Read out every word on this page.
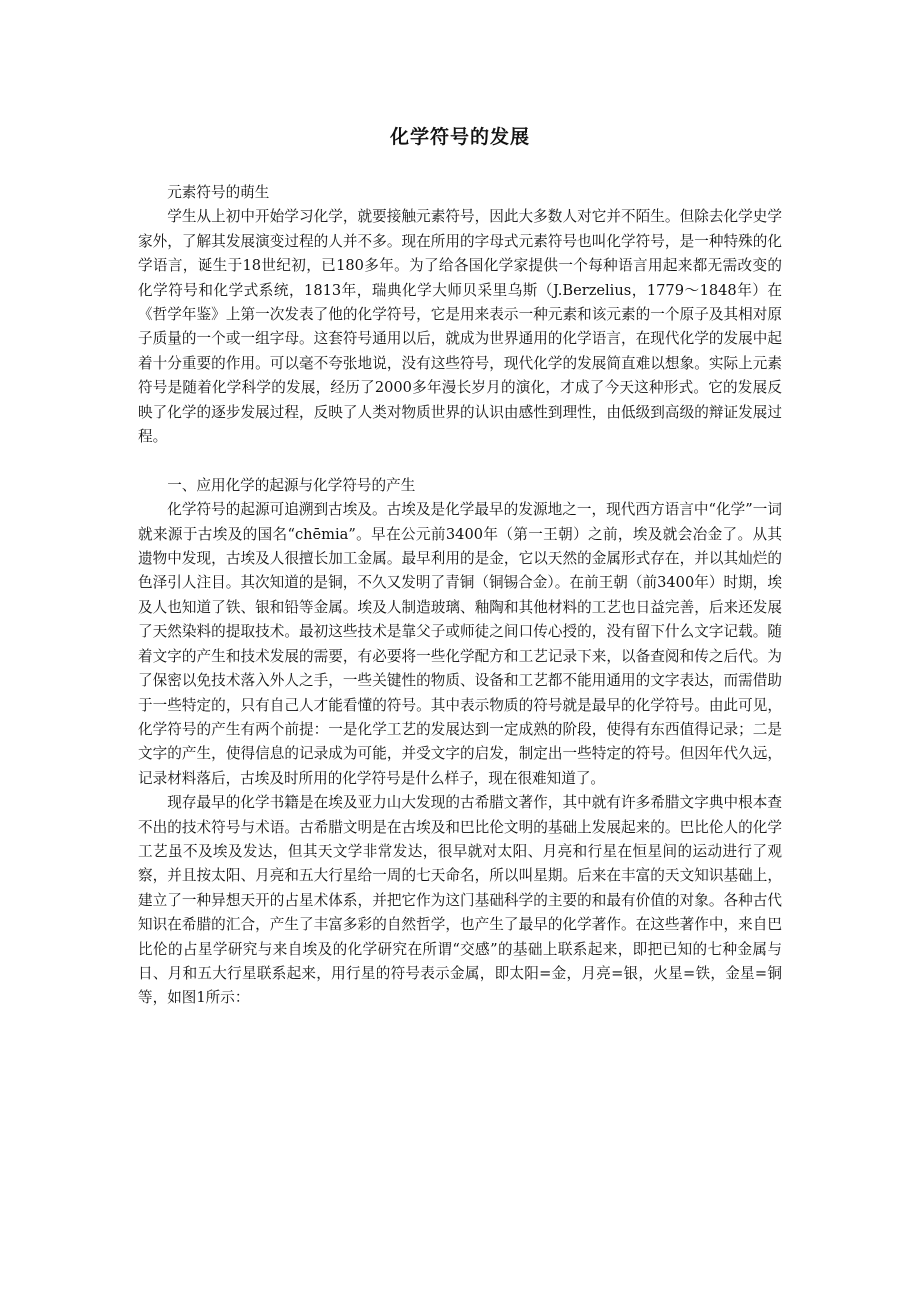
化学符号的发展

元素符号的萌生

学生从上初中开始学习化学，就要接触元素符号，因此大多数人对它并不陌生。但除去化学史学家外，了解其发展演变过程的人并不多。现在所用的字母式元素符号也叫化学符号，是一种特殊的化学语言，诞生于18世纪初，已180多年。为了给各国化学家提供一个每种语言用起来都无需改变的化学符号和化学式系统，1813年，瑞典化学大师贝采里乌斯（J.Berzelius，1779～1848年）在《哲学年鉴》上第一次发表了他的化学符号，它是用来表示一种元素和该元素的一个原子及其相对原子质量的一个或一组字母。这套符号通用以后，就成为世界通用的化学语言，在现代化学的发展中起着十分重要的作用。可以毫不夸张地说，没有这些符号，现代化学的发展简直难以想象。实际上元素符号是随着化学科学的发展，经历了2000多年漫长岁月的演化，才成了今天这种形式。它的发展反映了化学的逐步发展过程，反映了人类对物质世界的认识由感性到理性，由低级到高级的辩证发展过程。

一、应用化学的起源与化学符号的产生

化学符号的起源可追溯到古埃及。古埃及是化学最早的发源地之一，现代西方语言中“化学”一词就来源于古埃及的国名“chēmia”。早在公元前3400年（第一王朝）之前，埃及就会冶金了。从其遗物中发现，古埃及人很擅长加工金属。最早利用的是金，它以天然的金属形式存在，并以其灿烂的色泽引人注目。其次知道的是铜，不久又发明了青铜（铜锡合金）。在前王朝（前3400年）时期，埃及人也知道了铁、银和铅等金属。埃及人制造玻璃、釉陶和其他材料的工艺也日益完善，后来还发展了天然染料的提取技术。最初这些技术是靠父子或师徒之间口传心授的，没有留下什么文字记载。随着文字的产生和技术发展的需要，有必要将一些化学配方和工艺记录下来，以备查阅和传之后代。为了保密以免技术落入外人之手，一些关键性的物质、设备和工艺都不能用通用的文字表达，而需借助于一些特定的，只有自己人才能看懂的符号。其中表示物质的符号就是最早的化学符号。由此可见，化学符号的产生有两个前提：一是化学工艺的发展达到一定成熟的阶段，使得有东西值得记录；二是文字的产生，使得信息的记录成为可能，并受文字的启发，制定出一些特定的符号。但因年代久远，记录材料落后，古埃及时所用的化学符号是什么样子，现在很难知道了。

现存最早的化学书籍是在埃及亚力山大发现的古希腊文著作，其中就有许多希腊文字典中根本查不出的技术符号与术语。古希腊文明是在古埃及和巴比伦文明的基础上发展起来的。巴比伦人的化学工艺虽不及埃及发达，但其天文学非常发达，很早就对太阳、月亮和行星在恒星间的运动进行了观察，并且按太阳、月亮和五大行星给一周的七天命名，所以叫星期。后来在丰富的天文知识基础上，建立了一种异想天开的占星术体系，并把它作为这门基础科学的主要的和最有价值的对象。各种古代知识在希腊的汇合，产生了丰富多彩的自然哲学，也产生了最早的化学著作。在这些著作中，来自巴比伦的占星学研究与来自埃及的化学研究在所谓“交感”的基础上联系起来，即把已知的七种金属与日、月和五大行星联系起来，用行星的符号表示金属，即太阳=金，月亮=银，火星=铁，金星=铜等，如图1所示：
